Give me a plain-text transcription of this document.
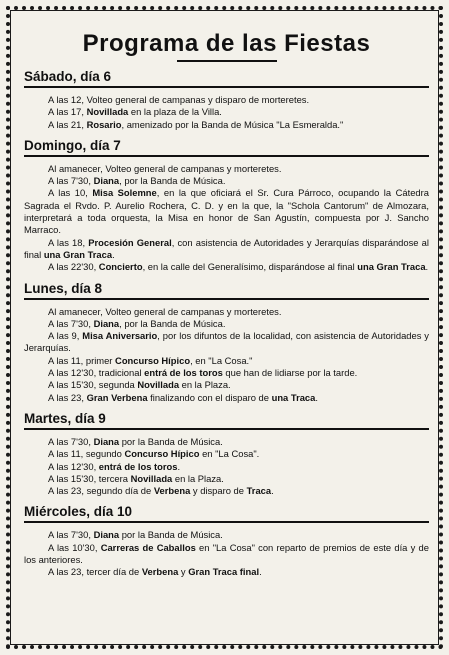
Programa de las Fiestas
Sábado, día 6

A las 12, Volteo general de campanas y disparo de morteretes.

A las 17, Novillada en la plaza de la Villa.

A las 21, Rosario, amenizado por la Banda de Música "La Esmeralda."

Domingo, día 7

Al amanecer, Volteo general de campanas y morteretes.

A las 7'30, Diana, por la Banda de Música.

A las 10, Misa Solemne, en la que oficiará el Sr. Cura Párroco, ocupando la Cátedra Sagrada el Rvdo. P. Aurelio Rochera, C. D. y en la que, la "Schola Cantorum" de Almozara, interpretará a toda orquesta, la Misa en honor de San Agustín, compuesta por J. Sancho Marraco.

A las 18, Procesión General, con asistencia de Autoridades y Jerarquías disparándose al final una Gran Traca.

A las 22'30, Concierto, en la calle del Generalísimo, disparándose al final una Gran Traca.

Lunes, día 8

Al amanecer, Volteo general de campanas y morteretes.

A las 7'30, Diana, por la Banda de Música.

A las 9, Misa Aniversario, por los difuntos de la localidad, con asistencia de Autoridades y Jerarquías.

A las 11, primer Concurso Hípico, en "La Cosa."

A las 12'30, tradicional entrá de los toros que han de lidiarse por la tarde.

A las 15'30, segunda Novillada en la Plaza.

A las 23, Gran Verbena finalizando con el disparo de una Traca.

Martes, día 9

A las 7'30, Diana por la Banda de Música.

A las 11, segundo Concurso Hípico en "La Cosa".

A las 12'30, entrá de los toros.

A las 15'30, tercera Novillada en la Plaza.

A las 23, segundo día de Verbena y disparo de Traca.

Miércoles, día 10

A las 7'30, Diana por la Banda de Música.

A las 10'30, Carreras de Caballos en "La Cosa" con reparto de premios de este día y de los anteriores.

A las 23, tercer día de Verbena y Gran Traca final.
